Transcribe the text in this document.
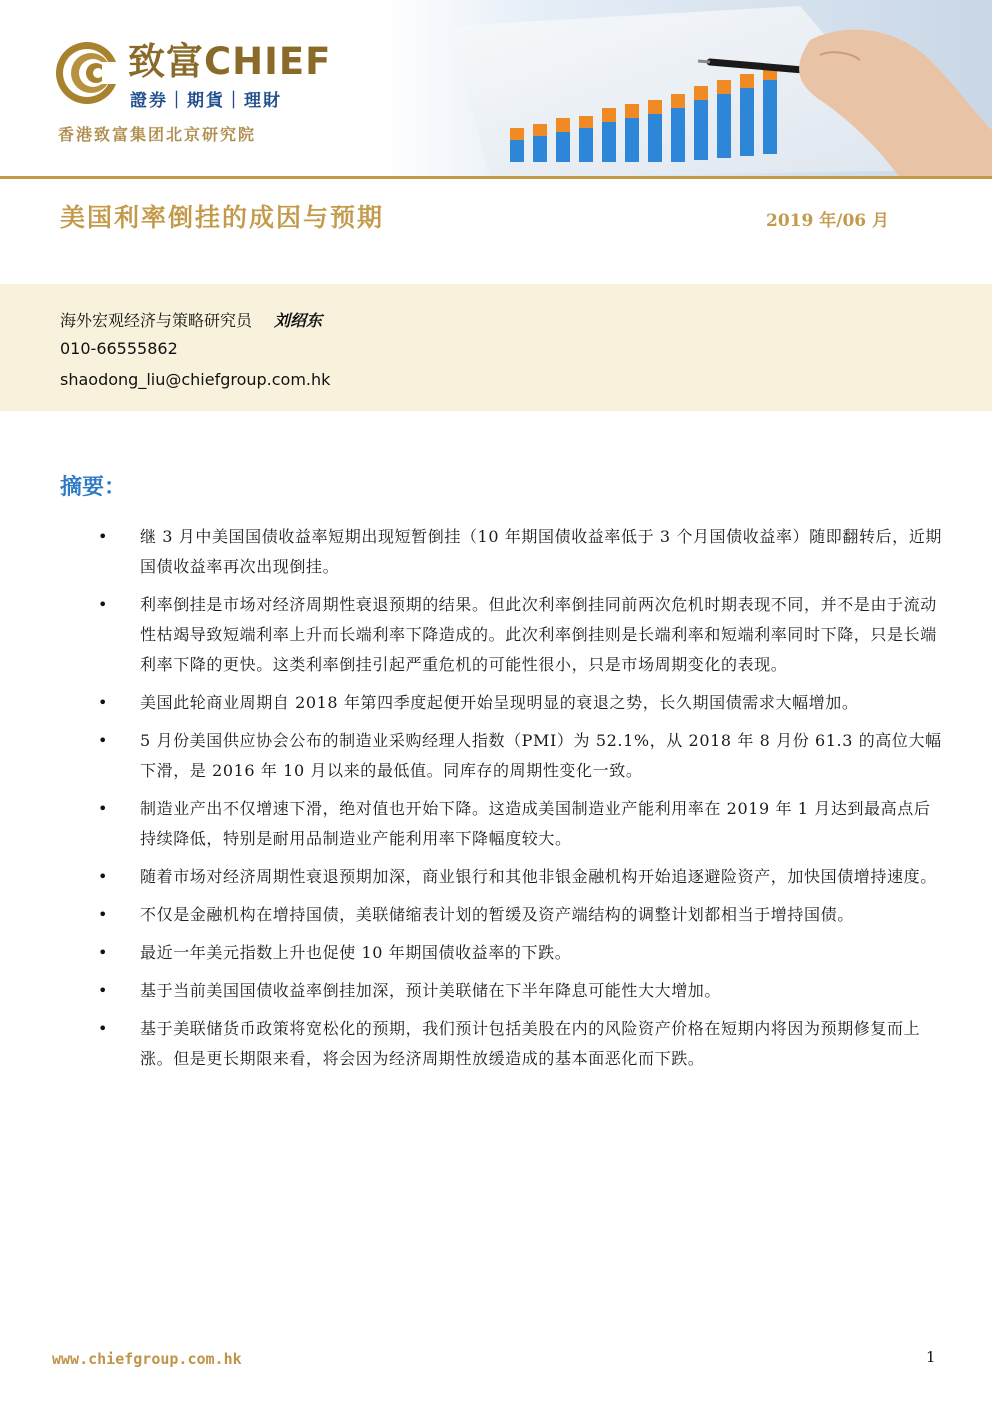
致富CHIEF
證券｜期貨｜理財
香港致富集团北京研究院
美国利率倒挂的成因与预期	2019 年/06 月
海外宏观经济与策略研究员 刘绍东
010-66555862
shaodong_liu@chiefgroup.com.hk
摘要：
• 继 3 月中美国国债收益率短期出现短暂倒挂（10 年期国债收益率低于 3 个月国债收益率）随即翻转后，近期国债收益率再次出现倒挂。
• 利率倒挂是市场对经济周期性衰退预期的结果。但此次利率倒挂同前两次危机时期表现不同，并不是由于流动性枯竭导致短端利率上升而长端利率下降造成的。此次利率倒挂则是长端利率和短端利率同时下降，只是长端利率下降的更快。这类利率倒挂引起严重危机的可能性很小，只是市场周期变化的表现。
• 美国此轮商业周期自 2018 年第四季度起便开始呈现明显的衰退之势，长久期国债需求大幅增加。
• 5 月份美国供应协会公布的制造业采购经理人指数（PMI）为 52.1%，从 2018 年 8 月份 61.3 的高位大幅下滑，是 2016 年 10 月以来的最低值。同库存的周期性变化一致。
• 制造业产出不仅增速下滑，绝对值也开始下降。这造成美国制造业产能利用率在 2019 年 1 月达到最高点后持续降低，特别是耐用品制造业产能利用率下降幅度较大。
• 随着市场对经济周期性衰退预期加深，商业银行和其他非银金融机构开始追逐避险资产，加快国债增持速度。
• 不仅是金融机构在增持国债，美联储缩表计划的暂缓及资产端结构的调整计划都相当于增持国债。
• 最近一年美元指数上升也促使 10 年期国债收益率的下跌。
• 基于当前美国国债收益率倒挂加深，预计美联储在下半年降息可能性大大增加。
• 基于美联储货币政策将宽松化的预期，我们预计包括美股在内的风险资产价格在短期内将因为预期修复而上涨。但是更长期限来看，将会因为经济周期性放缓造成的基本面恶化而下跌。
www.chiefgroup.com.hk	1
